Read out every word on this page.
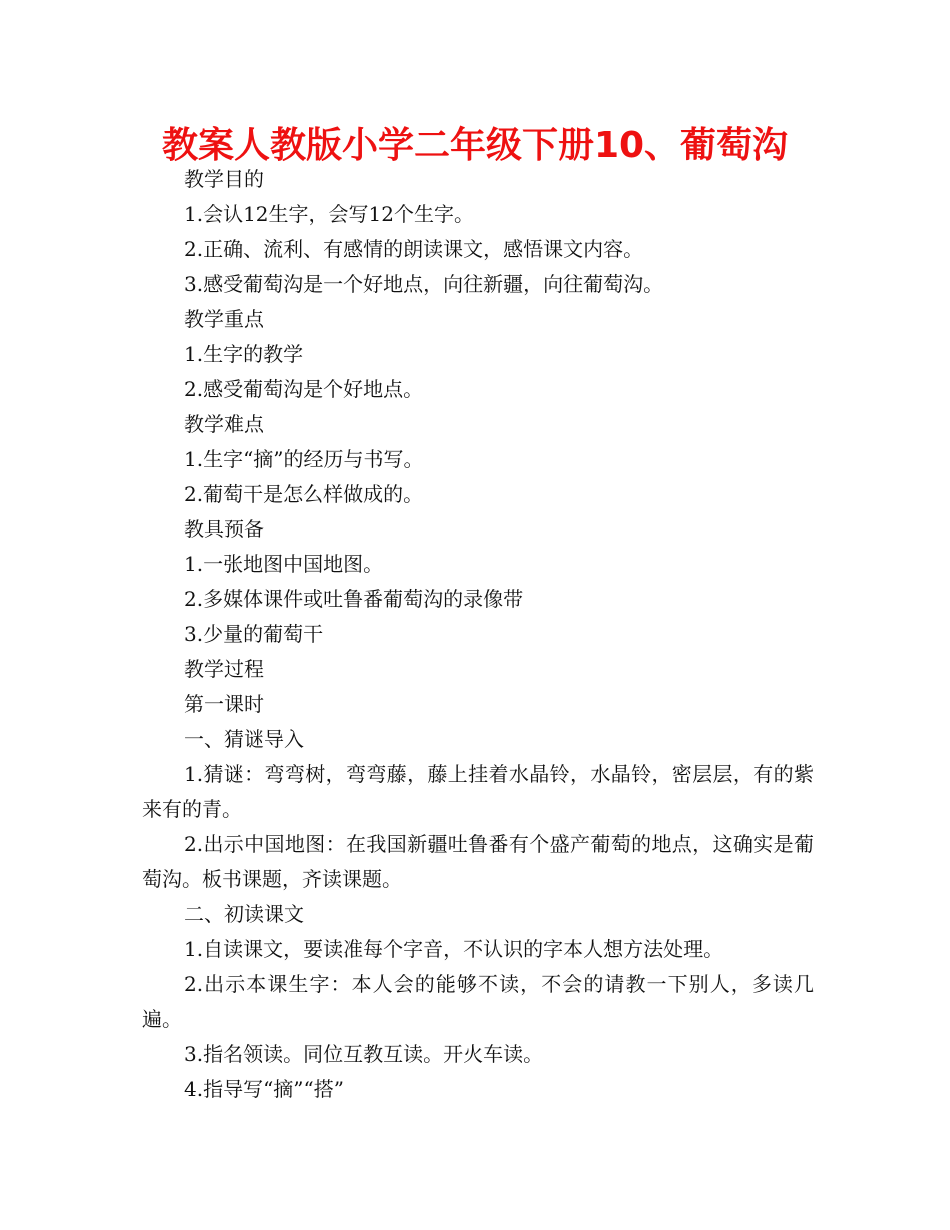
教案人教版小学二年级下册10、葡萄沟
教学目的
1.会认12生字，会写12个生字。
2.正确、流利、有感情的朗读课文，感悟课文内容。
3.感受葡萄沟是一个好地点，向往新疆，向往葡萄沟。
教学重点
1.生字的教学
2.感受葡萄沟是个好地点。
教学难点
1.生字“摘”的经历与书写。
2.葡萄干是怎么样做成的。
教具预备
1.一张地图中国地图。
2.多媒体课件或吐鲁番葡萄沟的录像带
3.少量的葡萄干
教学过程
第一课时
一、猜谜导入
1.猜谜：弯弯树，弯弯藤，藤上挂着水晶铃，水晶铃，密层层，有的紫来有的青。
2.出示中国地图：在我国新疆吐鲁番有个盛产葡萄的地点，这确实是葡萄沟。板书课题，齐读课题。
二、初读课文
1.自读课文，要读准每个字音，不认识的字本人想方法处理。
2.出示本课生字：本人会的能够不读，不会的请教一下别人，多读几遍。
3.指名领读。同位互教互读。开火车读。
4.指导写“摘”“搭”
